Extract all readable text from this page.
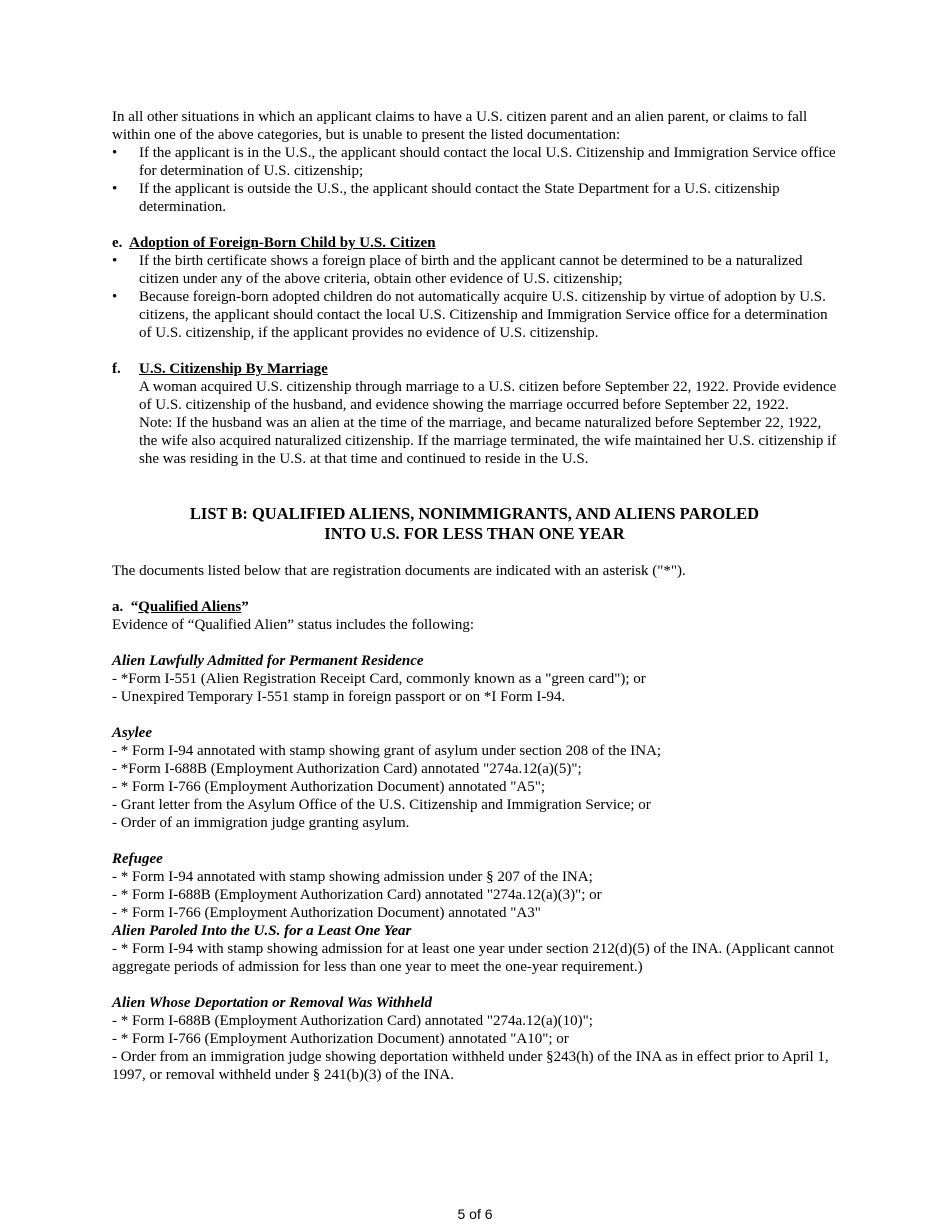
In all other situations in which an applicant claims to have a U.S. citizen parent and an alien parent, or claims to fall within one of the above categories, but is unable to present the listed documentation:

•	If the applicant is in the U.S., the applicant should contact the local U.S. Citizenship and Immigration Service office for determination of U.S. citizenship;
•	If the applicant is outside the U.S., the applicant should contact the State Department for a U.S. citizenship determination.

e. Adoption of Foreign-Born Child by U.S. Citizen

•	If the birth certificate shows a foreign place of birth and the applicant cannot be determined to be a naturalized citizen under any of the above criteria, obtain other evidence of U.S. citizenship;
•	Because foreign-born adopted children do not automatically acquire U.S. citizenship by virtue of adoption by U.S. citizens, the applicant should contact the local U.S. Citizenship and Immigration Service office for a determination of U.S. citizenship, if the applicant provides no evidence of U.S. citizenship.

f. U.S. Citizenship By Marriage

A woman acquired U.S. citizenship through marriage to a U.S. citizen before September 22, 1922. Provide evidence of U.S. citizenship of the husband, and evidence showing the marriage occurred before September 22, 1922.

Note: If the husband was an alien at the time of the marriage, and became naturalized before September 22, 1922, the wife also acquired naturalized citizenship. If the marriage terminated, the wife maintained her U.S. citizenship if she was residing in the U.S. at that time and continued to reside in the U.S.

LIST B: QUALIFIED ALIENS, NONIMMIGRANTS, AND ALIENS PAROLED

INTO U.S. FOR LESS THAN ONE YEAR

The documents listed below that are registration documents are indicated with an asterisk ("*").

a. “Qualified Aliens”

Evidence of “Qualified Alien” status includes the following:

Alien Lawfully Admitted for Permanent Residence

- *Form I-551 (Alien Registration Receipt Card, commonly known as a "green card"); or

- Unexpired Temporary I-551 stamp in foreign passport or on *I Form I-94.

Asylee

- * Form I-94 annotated with stamp showing grant of asylum under section 208 of the INA;

- *Form I-688B (Employment Authorization Card) annotated "274a.12(a)(5)";

- * Form I-766 (Employment Authorization Document) annotated "A5";

- Grant letter from the Asylum Office of the U.S. Citizenship and Immigration Service; or

- Order of an immigration judge granting asylum.

Refugee

- * Form I-94 annotated with stamp showing admission under § 207 of the INA;

- * Form I-688B (Employment Authorization Card) annotated "274a.12(a)(3)"; or

- * Form I-766 (Employment Authorization Document) annotated "A3"

Alien Paroled Into the U.S. for a Least One Year

- * Form I-94 with stamp showing admission for at least one year under section 212(d)(5) of the INA. (Applicant cannot aggregate periods of admission for less than one year to meet the one-year requirement.)

Alien Whose Deportation or Removal Was Withheld

- * Form I-688B (Employment Authorization Card) annotated "274a.12(a)(10)";

- * Form I-766 (Employment Authorization Document) annotated "A10"; or

- Order from an immigration judge showing deportation withheld under §243(h) of the INA as in effect prior to April 1, 1997, or removal withheld under § 241(b)(3) of the INA.

5 of 6
